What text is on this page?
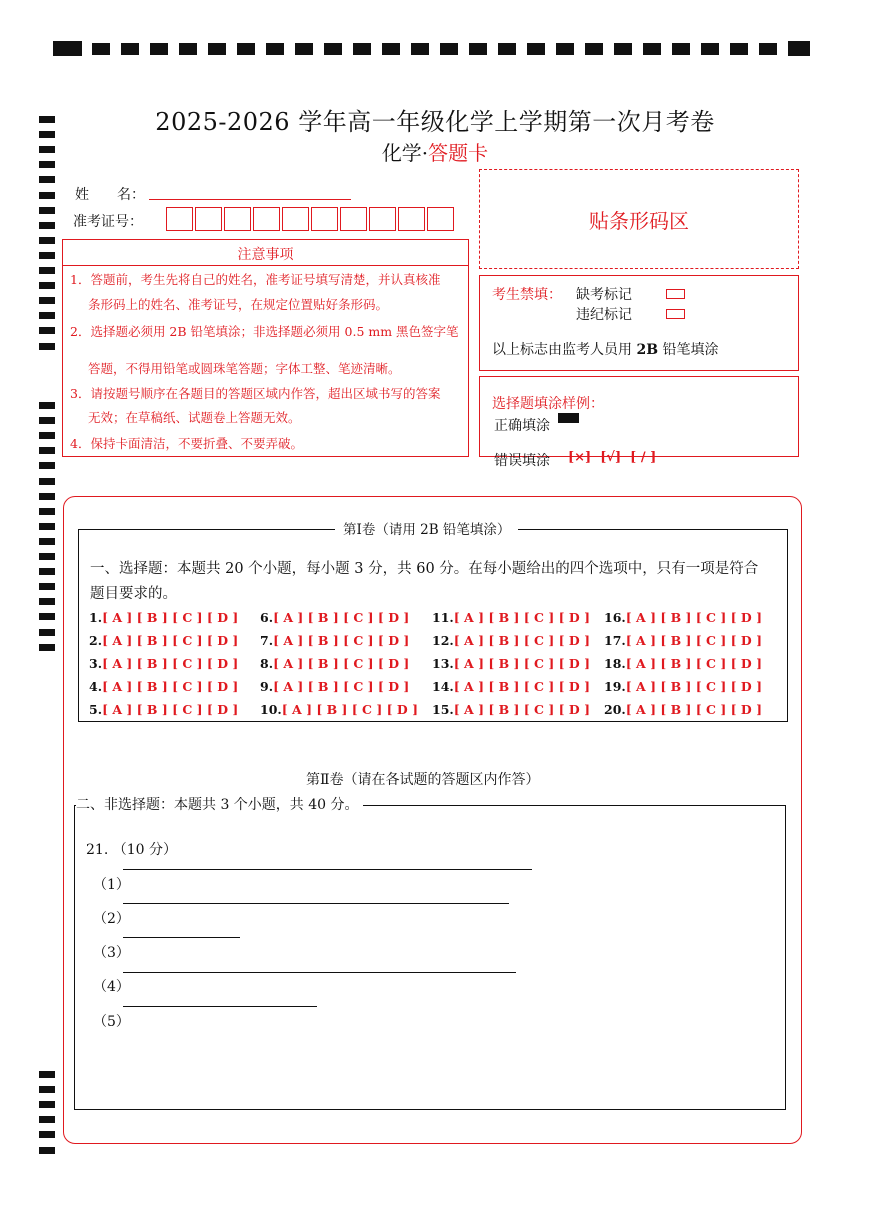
2025-2026 学年高一年级化学上学期第一次月考卷
化学·答题卡
姓　　名：
准考证号：	贴条形码区
注意事项
1．答题前，考生先将自己的姓名，准考证号填写清楚，并认真核准
条形码上的姓名、准考证号，在规定位置贴好条形码。
2．选择题必须用 2B 铅笔填涂；非选择题必须用 0.5 mm 黑色签字笔
答题，不得用铅笔或圆珠笔答题；字体工整、笔迹清晰。
3．请按题号顺序在各题目的答题区域内作答，超出区域书写的答案
无效；在草稿纸、试题卷上答题无效。
4．保持卡面清洁，不要折叠、不要弄破。
考生禁填： 缺考标记
违纪标记
以上标志由监考人员用 2B 铅笔填涂
选择题填涂样例：
正确填涂
错误填涂 [×]  [√]  [ / ]
第Ⅰ卷（请用 2B 铅笔填涂）
一、选择题：本题共 20 个小题，每小题 3 分，共 60 分。在每小题给出的四个选项中，只有一项是符合
题目要求的。
1.[ A ] [ B ] [ C ] [ D ]
2.[ A ] [ B ] [ C ] [ D ]
3.[ A ] [ B ] [ C ] [ D ]
4.[ A ] [ B ] [ C ] [ D ]
5.[ A ] [ B ] [ C ] [ D ]
6.[ A ] [ B ] [ C ] [ D ]
7.[ A ] [ B ] [ C ] [ D ]
8.[ A ] [ B ] [ C ] [ D ]
9.[ A ] [ B ] [ C ] [ D ]
10.[ A ] [ B ] [ C ] [ D ]
11.[ A ] [ B ] [ C ] [ D ]
12.[ A ] [ B ] [ C ] [ D ]
13.[ A ] [ B ] [ C ] [ D ]
14.[ A ] [ B ] [ C ] [ D ]
15.[ A ] [ B ] [ C ] [ D ]
16.[ A ] [ B ] [ C ] [ D ]
17.[ A ] [ B ] [ C ] [ D ]
18.[ A ] [ B ] [ C ] [ D ]
19.[ A ] [ B ] [ C ] [ D ]
20.[ A ] [ B ] [ C ] [ D ]
第Ⅱ卷（请在各试题的答题区内作答）
二、非选择题：本题共 3 个小题，共 40 分。
21. （10 分）
（1）
（2）
（3）
（4）
（5）
